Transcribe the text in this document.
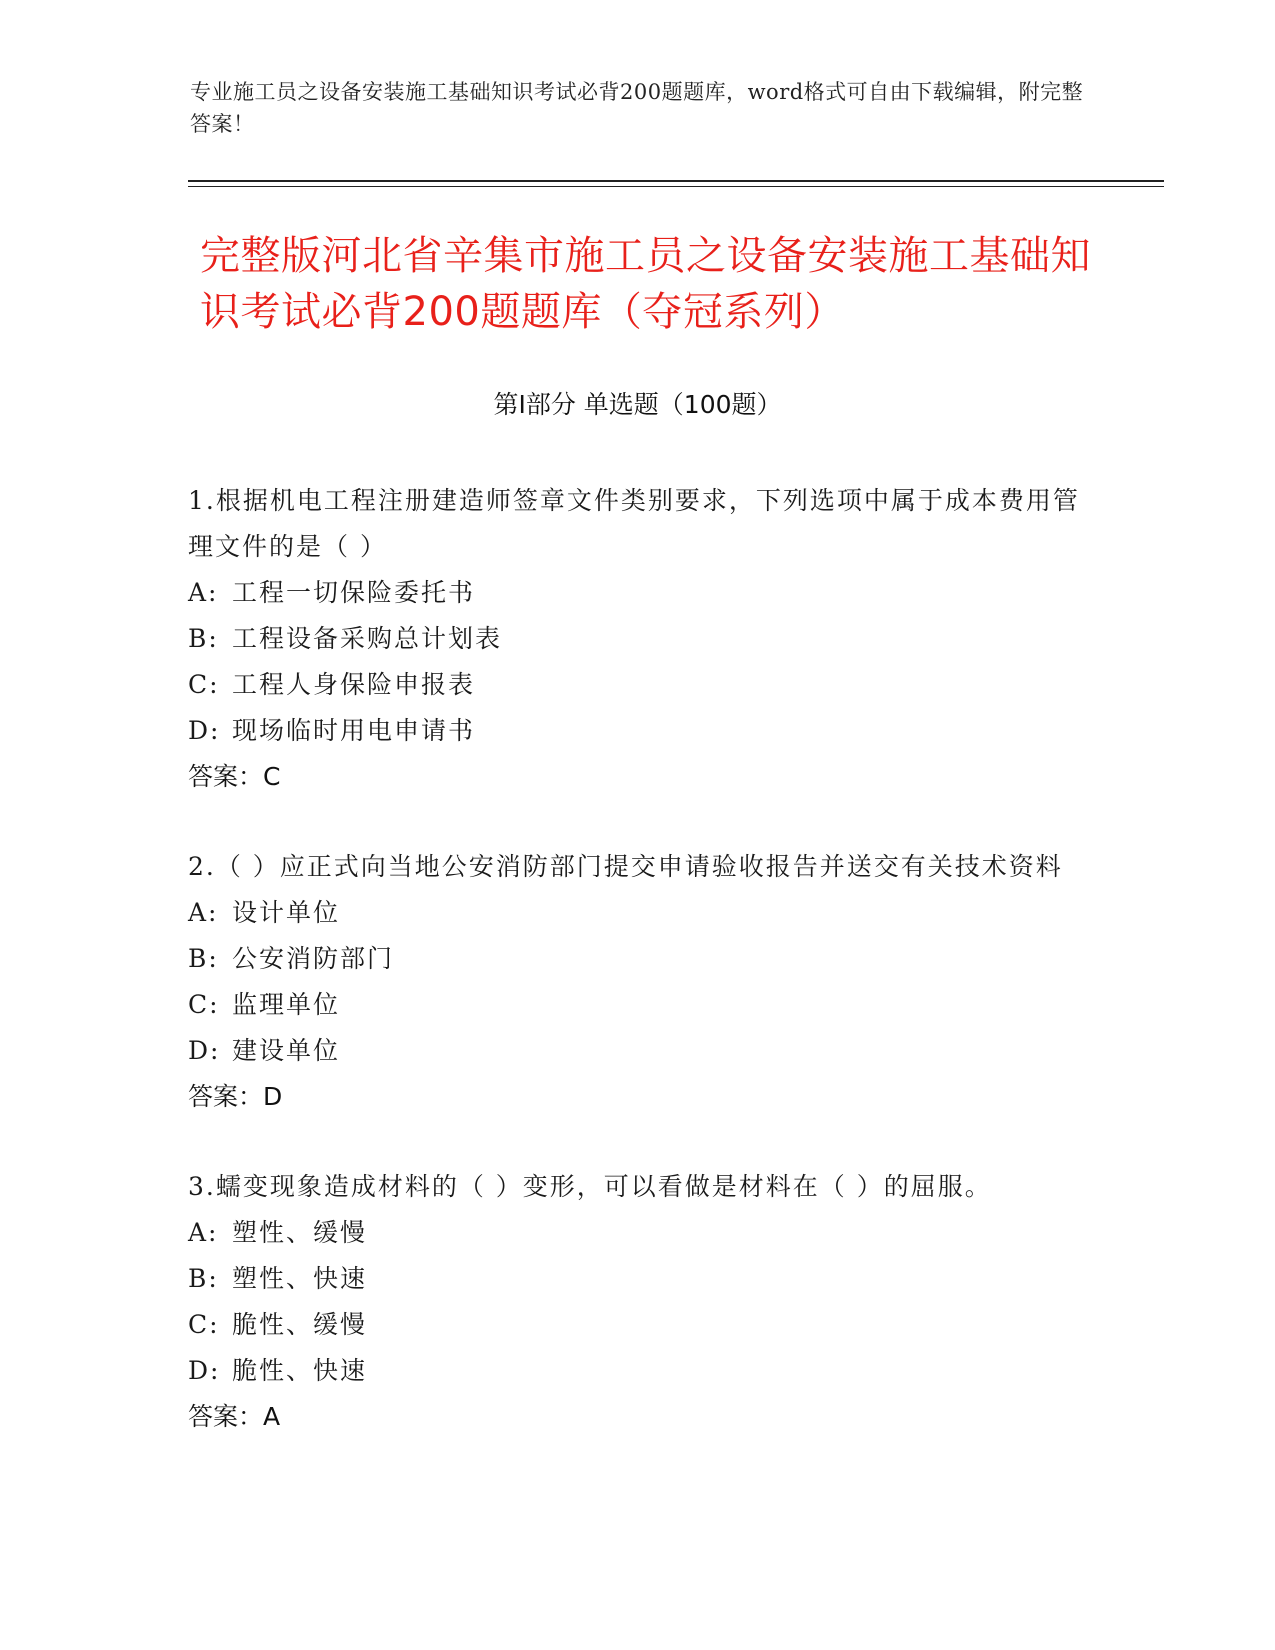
专业施工员之设备安装施工基础知识考试必背200题题库，word格式可自由下载编辑，附完整答案！
完整版河北省辛集市施工员之设备安装施工基础知识考试必背200题题库（夺冠系列）
第Ⅰ部分 单选题（100题）
1.根据机电工程注册建造师签章文件类别要求，下列选项中属于成本费用管理文件的是（ ）
A: 工程一切保险委托书
B: 工程设备采购总计划表
C: 工程人身保险申报表
D: 现场临时用电申请书
答案：C
2.（ ）应正式向当地公安消防部门提交申请验收报告并送交有关技术资料
A: 设计单位
B: 公安消防部门
C: 监理单位
D: 建设单位
答案：D
3.蠕变现象造成材料的（ ）变形，可以看做是材料在（ ）的屈服。
A: 塑性、缓慢
B: 塑性、快速
C: 脆性、缓慢
D: 脆性、快速
答案：A
